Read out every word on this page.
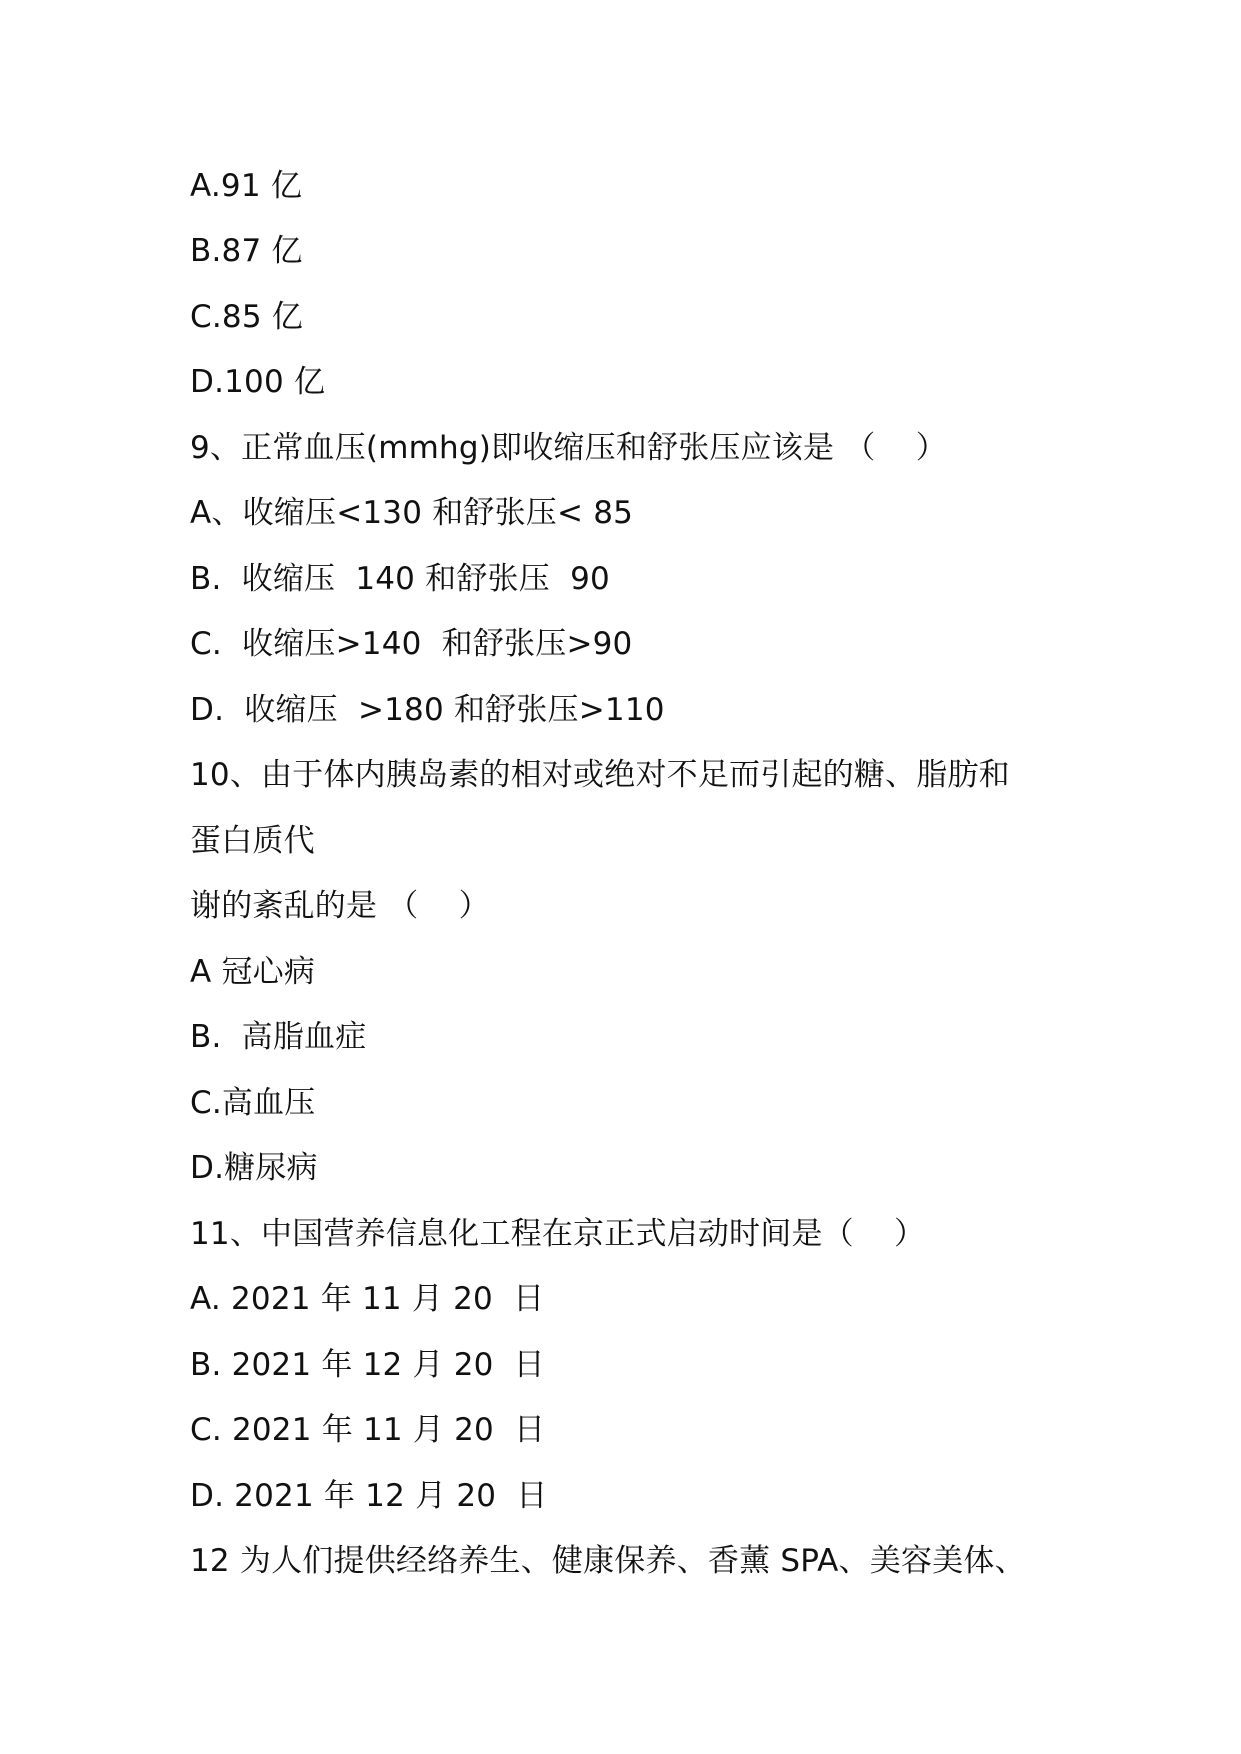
A.91 亿
B.87 亿
C.85 亿
D.100 亿
9、正常血压(mmhg)即收缩压和舒张压应该是 （    ）
A、收缩压<130 和舒张压< 85
B.  收缩压  140 和舒张压  90
C.  收缩压>140  和舒张压>90
D.  收缩压  >180 和舒张压>110
10、由于体内胰岛素的相对或绝对不足而引起的糖、脂肪和
蛋白质代
谢的紊乱的是 （    ）
A 冠心病
B.  高脂血症
C.高血压
D.糖尿病
11、中国营养信息化工程在京正式启动时间是（    ）
A. 2021 年 11 月 20  日
B. 2021 年 12 月 20  日
C. 2021 年 11 月 20  日
D. 2021 年 12 月 20  日
12 为人们提供经络养生、健康保养、香薰 SPA、美容美体、
